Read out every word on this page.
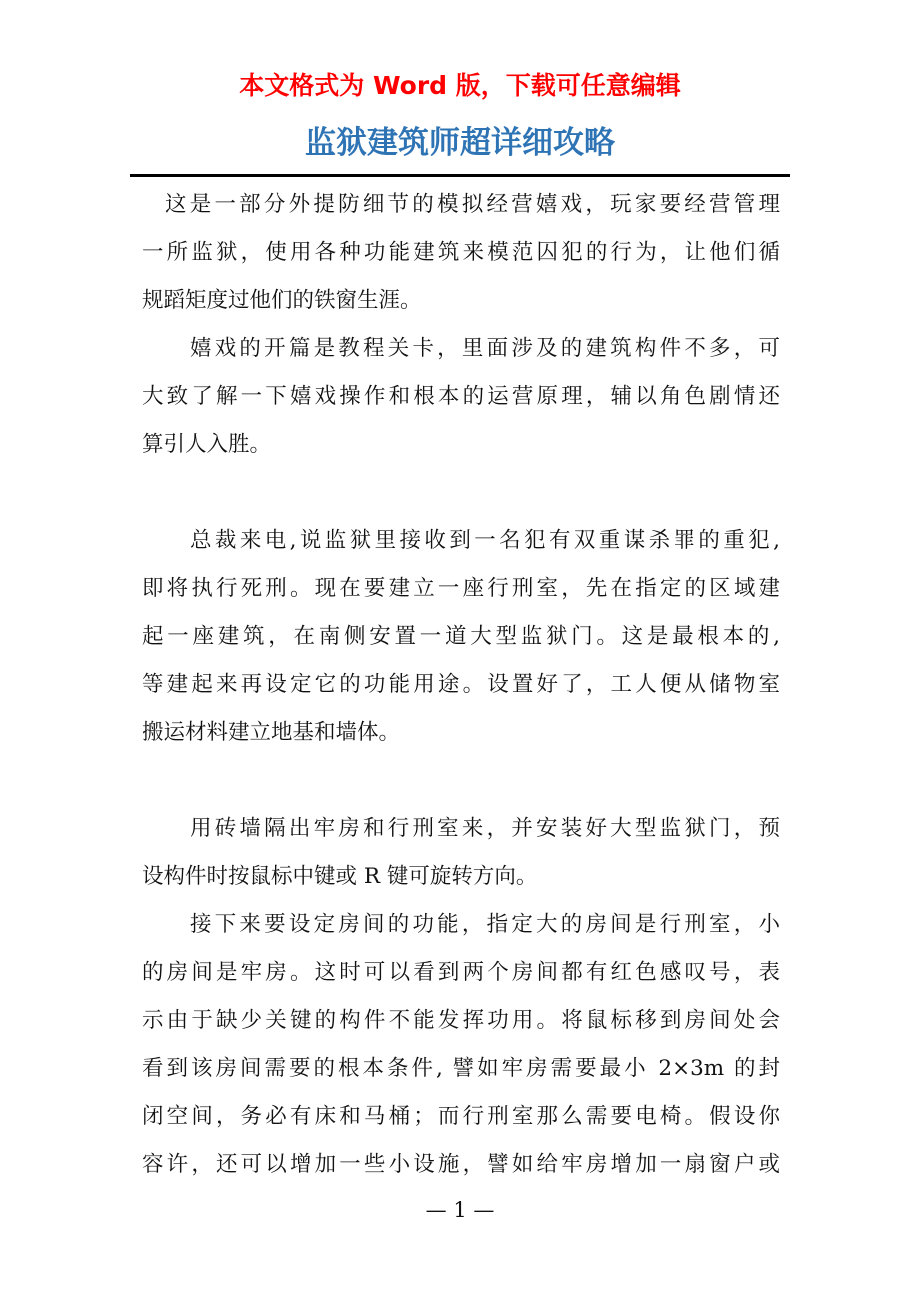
本文格式为 Word 版，下载可任意编辑
监狱建筑师超详细攻略
这是一部分外提防细节的模拟经营嬉戏，玩家要经营管理
一所监狱，使用各种功能建筑来模范囚犯的行为，让他们循
规蹈矩度过他们的铁窗生涯。
嬉戏的开篇是教程关卡，里面涉及的建筑构件不多，可
大致了解一下嬉戏操作和根本的运营原理，辅以角色剧情还
算引人入胜。
总裁来电,说监狱里接收到一名犯有双重谋杀罪的重犯,
即将执行死刑。现在要建立一座行刑室，先在指定的区域建
起一座建筑，在南侧安置一道大型监狱门。这是最根本的,
等建起来再设定它的功能用途。设置好了，工人便从储物室
搬运材料建立地基和墙体。
用砖墙隔出牢房和行刑室来，并安装好大型监狱门，预
设构件时按鼠标中键或 R 键可旋转方向。
接下来要设定房间的功能，指定大的房间是行刑室，小
的房间是牢房。这时可以看到两个房间都有红色感叹号，表
示由于缺少关键的构件不能发挥功用。将鼠标移到房间处会
看到该房间需要的根本条件, 譬如牢房需要最小 2×3m 的封
闭空间，务必有床和马桶；而行刑室那么需要电椅。假设你
容许，还可以增加一些小设施，譬如给牢房增加一扇窗户或
— 1 —
